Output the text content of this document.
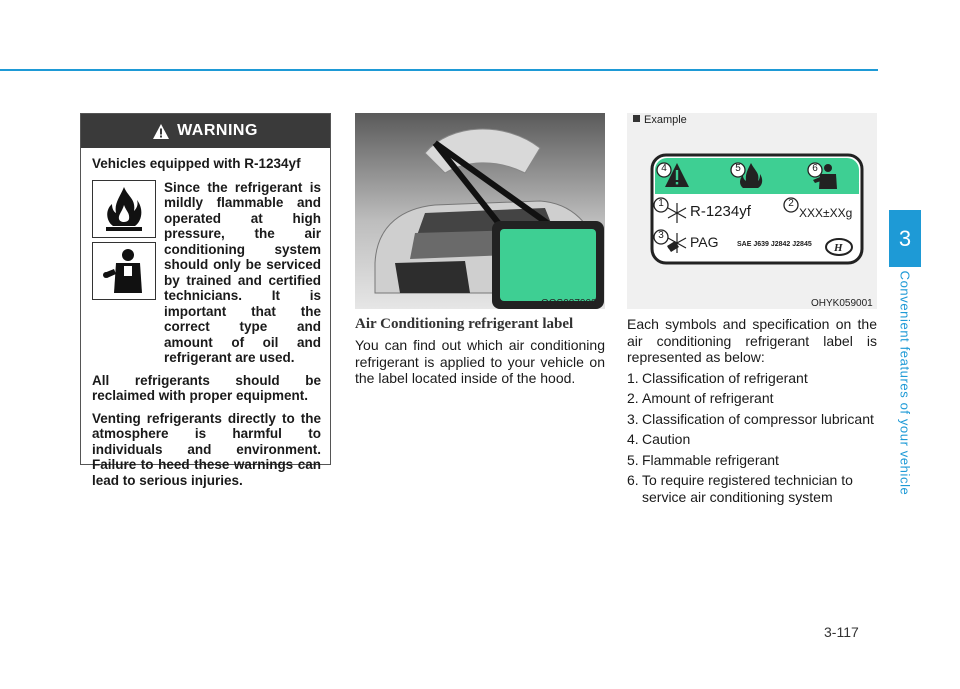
WARNING
Vehicles equipped with R-1234yf
Since the refrigerant is mildly flammable and operated at high pressure, the air conditioning system should only be serviced by trained and certified technicians. It is important that the correct type and amount of oil and refrigerant are used.
All refrigerants should be reclaimed with proper equipment.
Venting refrigerants directly to the atmosphere is harmful to individuals and environment. Failure to heed these warnings can lead to serious injuries.
OOS087008L
Air Conditioning refrigerant label
You can find out which air conditioning refrigerant is applied to your vehicle on the label located inside of the hood.
H
4	5	6
1	2
3
R-1234yf	XXX±XXg
PAG	SAE J639 J2842 J2845
Example
OHYK059001
Each symbols and specification on the air conditioning refrigerant label is represented as below:
1. Classification of refrigerant
2. Amount of refrigerant
3. Classification of compressor lubricant
4. Caution
5. Flammable refrigerant
6. To require registered technician to service air conditioning system
3
Convenient features of your vehicle
3-117
